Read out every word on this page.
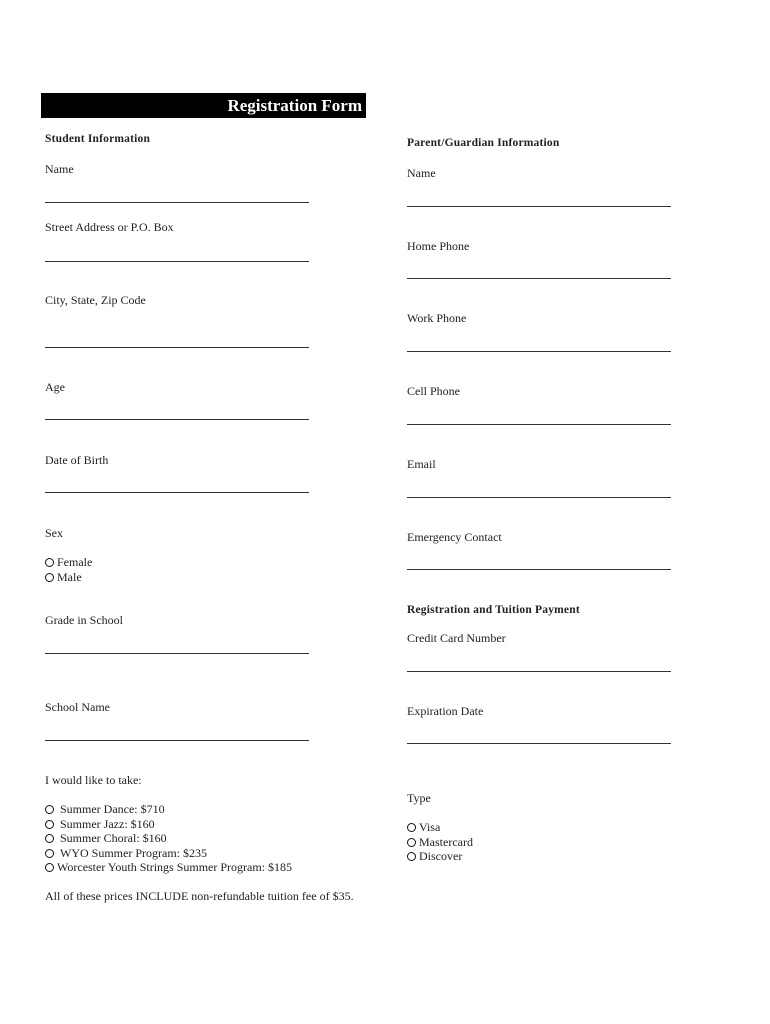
Registration Form
Student Information
Name
Street Address or P.O. Box
City, State, Zip Code
Age
Date of Birth
Sex
Female
Male
Grade in School
School Name
I would like to take:
Summer Dance: $710
Summer Jazz: $160
Summer Choral: $160
WYO Summer Program: $235
Worcester Youth Strings Summer Program: $185
All of these prices INCLUDE non-refundable tuition fee of $35.
Parent/Guardian Information
Name
Home Phone
Work Phone
Cell Phone
Email
Emergency Contact
Registration and Tuition Payment
Credit Card Number
Expiration Date
Type
Visa
Mastercard
Discover
